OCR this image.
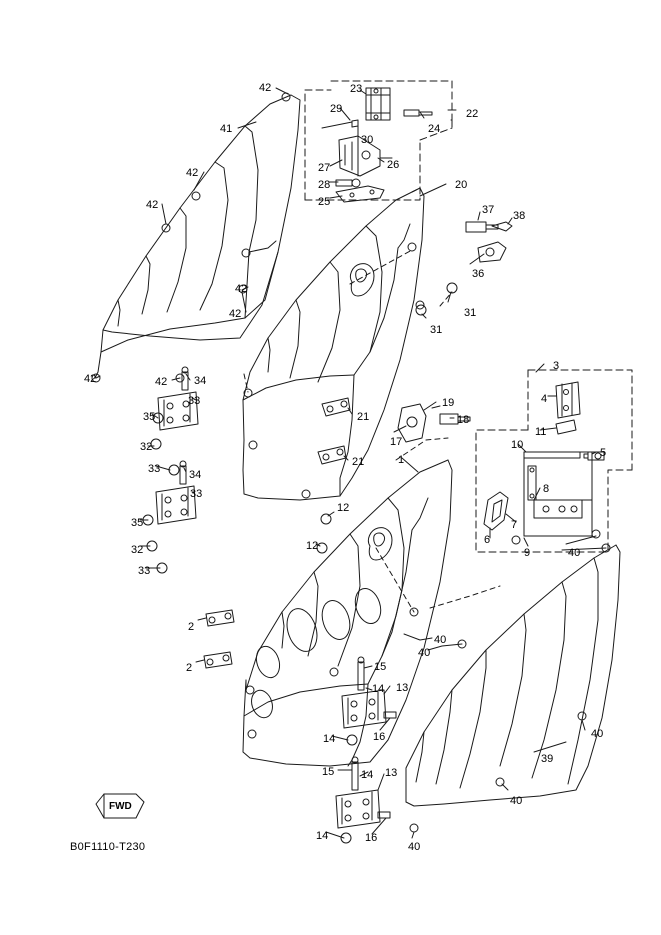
42	23
29	22
41	24
30
27	26
42
28	20
25
42	37 38
36
42
31
42
31
3
42	34
42
4
33	19
35	18
11
21
32	10
17
5
33	34
1
21
8
33
12
35	7
6
12
32	9	40
33
2
40
2
40
15
13
14
16
14	40
39
15 14 13
40
16
14
40
FWD
B0F1110-T230
